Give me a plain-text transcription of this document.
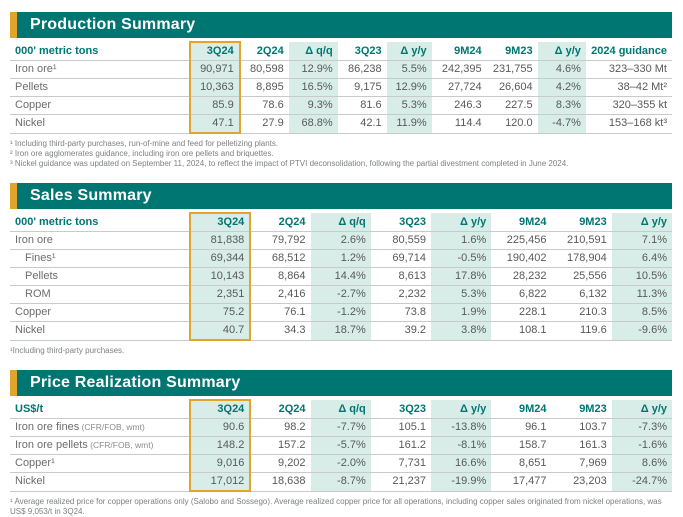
Production Summary
000' metric tons	3Q24	2Q24	Δ q/q	3Q23	Δ y/y	9M24	9M23	Δ y/y	2024 guidance
Iron ore¹	90,971	80,598	12.9%	86,238	5.5%	242,395	231,755	4.6%	323–330 Mt
Pellets	10,363	8,895	16.5%	9,175	12.9%	27,724	26,604	4.2%	38–42 Mt²
Copper	85.9	78.6	9.3%	81.6	5.3%	246.3	227.5	8.3%	320–355 kt
Nickel	47.1	27.9	68.8%	42.1	11.9%	114.4	120.0	-4.7%	153–168 kt³
¹ Including third-party purchases, run-of-mine and feed for pelletizing plants.
² Iron ore agglomerates guidance, including iron ore pellets and briquettes.
³ Nickel guidance was updated on September 11, 2024, to reflect the impact of PTVI deconsolidation, following the partial divestment completed in June 2024.
Sales Summary
000' metric tons	3Q24	2Q24	Δ q/q	3Q23	Δ y/y	9M24	9M23	Δ y/y
Iron ore	81,838	79,792	2.6%	80,559	1.6%	225,456	210,591	7.1%
Fines¹	69,344	68,512	1.2%	69,714	-0.5%	190,402	178,904	6.4%
Pellets	10,143	8,864	14.4%	8,613	17.8%	28,232	25,556	10.5%
ROM	2,351	2,416	-2.7%	2,232	5.3%	6,822	6,132	11.3%
Copper	75.2	76.1	-1.2%	73.8	1.9%	228.1	210.3	8.5%
Nickel	40.7	34.3	18.7%	39.2	3.8%	108.1	119.6	-9.6%
¹Including third-party purchases.
Price Realization Summary
US$/t	3Q24	2Q24	Δ q/q	3Q23	Δ y/y	9M24	9M23	Δ y/y
Iron ore fines (CFR/FOB, wmt)	90.6	98.2	-7.7%	105.1	-13.8%	96.1	103.7	-7.3%
Iron ore pellets (CFR/FOB, wmt)	148.2	157.2	-5.7%	161.2	-8.1%	158.7	161.3	-1.6%
Copper¹	9,016	9,202	-2.0%	7,731	16.6%	8,651	7,969	8.6%
Nickel	17,012	18,638	-8.7%	21,237	-19.9%	17,477	23,203	-24.7%
¹ Average realized price for copper operations only (Salobo and Sossego). Average realized copper price for all operations, including copper sales originated from nickel operations, was US$ 9,053/t in 3Q24.
